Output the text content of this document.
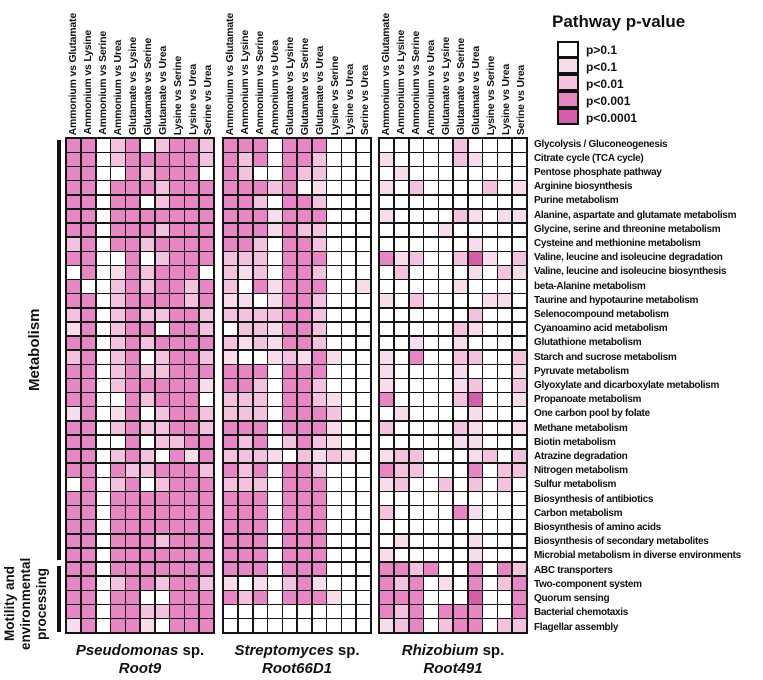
Pathway p-value
p>0.1
p<0.1
p<0.01
p<0.001
p<0.0001
Metabolism
Motility and environmental processing
Ammonium vs Glutamate Ammonium vs Lysine Ammonium vs Serine Ammonium vs Urea Glutamate vs Lysine Glutamate vs Serine Glutamate vs Urea Lysine vs Serine Lysine vs Urea Serine vs Urea
Pseudomonas sp.
Root9
Ammonium vs Glutamate Ammonium vs Lysine Ammonium vs Serine Ammonium vs Urea Glutamate vs Lysine Glutamate vs Serine Glutamate vs Urea Lysine vs Serine Lysine vs Urea Serine vs Urea
Streptomyces sp.
Root66D1
Ammonium vs Glutamate Ammonium vs Lysine Ammonium vs Serine Ammonium vs Urea Glutamate vs Lysine Glutamate vs Serine Glutamate vs Urea Lysine vs Serine Lysine vs Urea Serine vs Urea
Rhizobium sp.
Root491
Glycolysis / Gluconeogenesis
Citrate cycle (TCA cycle)
Pentose phosphate pathway
Arginine biosynthesis
Purine metabolism
Alanine, aspartate and glutamate metabolism
Glycine, serine and threonine metabolism
Cysteine and methionine metabolism
Valine, leucine and isoleucine degradation
Valine, leucine and isoleucine biosynthesis
beta-Alanine metabolism
Taurine and hypotaurine metabolism
Selenocompound metabolism
Cyanoamino acid metabolism
Glutathione metabolism
Starch and sucrose metabolism
Pyruvate metabolism
Glyoxylate and dicarboxylate metabolism
Propanoate metabolism
One carbon pool by folate
Methane metabolism
Biotin metabolism
Atrazine degradation
Nitrogen metabolism
Sulfur metabolism
Biosynthesis of antibiotics
Carbon metabolism
Biosynthesis of amino acids
Biosynthesis of secondary metabolites
Microbial metabolism in diverse environments
ABC transporters
Two-component system
Quorum sensing
Bacterial chemotaxis
Flagellar assembly
